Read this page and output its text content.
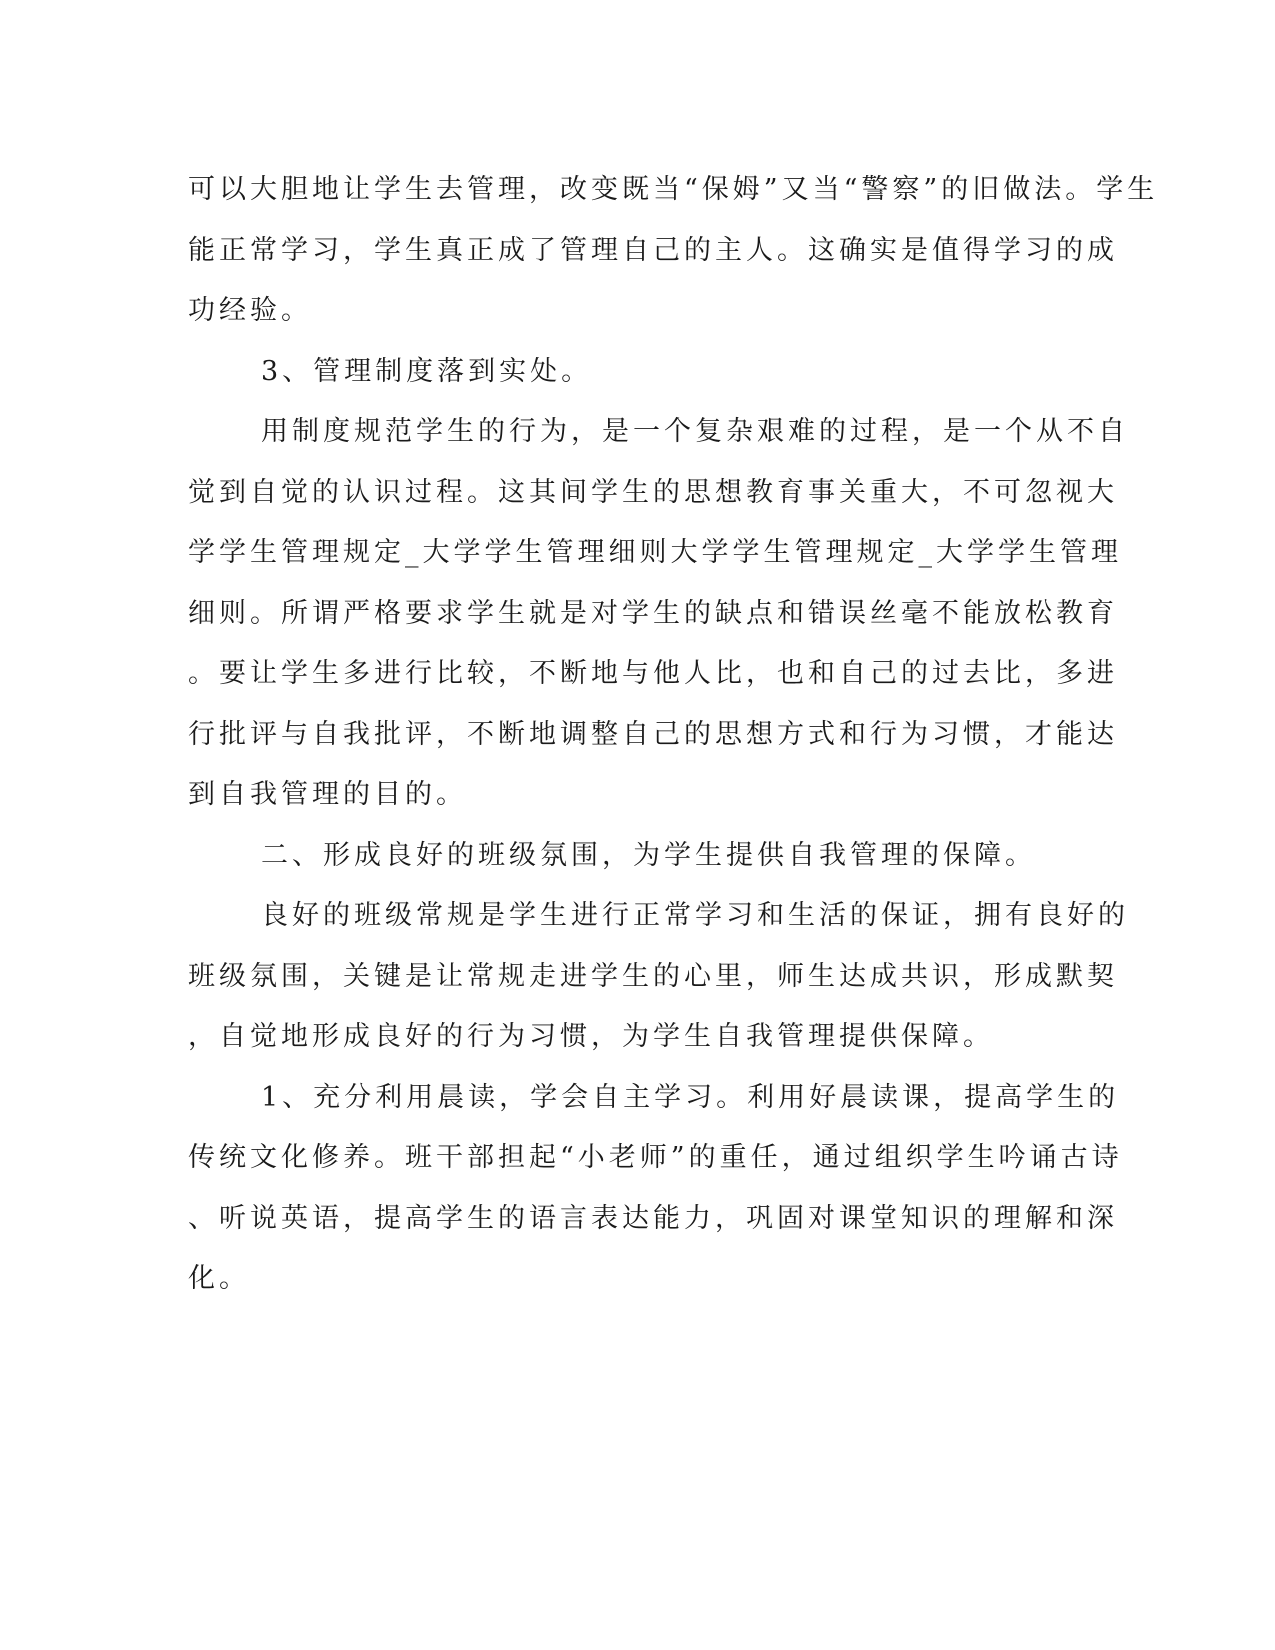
可以大胆地让学生去管理，改变既当“保姆”又当“警察”的旧做法。学生
能正常学习，学生真正成了管理自己的主人。这确实是值得学习的成
功经验。
3、管理制度落到实处。
用制度规范学生的行为，是一个复杂艰难的过程，是一个从不自
觉到自觉的认识过程。这其间学生的思想教育事关重大，不可忽视大
学学生管理规定_大学学生管理细则大学学生管理规定_大学学生管理
细则。所谓严格要求学生就是对学生的缺点和错误丝毫不能放松教育
。要让学生多进行比较，不断地与他人比，也和自己的过去比，多进
行批评与自我批评，不断地调整自己的思想方式和行为习惯，才能达
到自我管理的目的。
二、形成良好的班级氛围，为学生提供自我管理的保障。
良好的班级常规是学生进行正常学习和生活的保证，拥有良好的
班级氛围，关键是让常规走进学生的心里，师生达成共识，形成默契
，自觉地形成良好的行为习惯，为学生自我管理提供保障。
1、充分利用晨读，学会自主学习。利用好晨读课，提高学生的
传统文化修养。班干部担起“小老师”的重任，通过组织学生吟诵古诗
、听说英语，提高学生的语言表达能力，巩固对课堂知识的理解和深
化。
